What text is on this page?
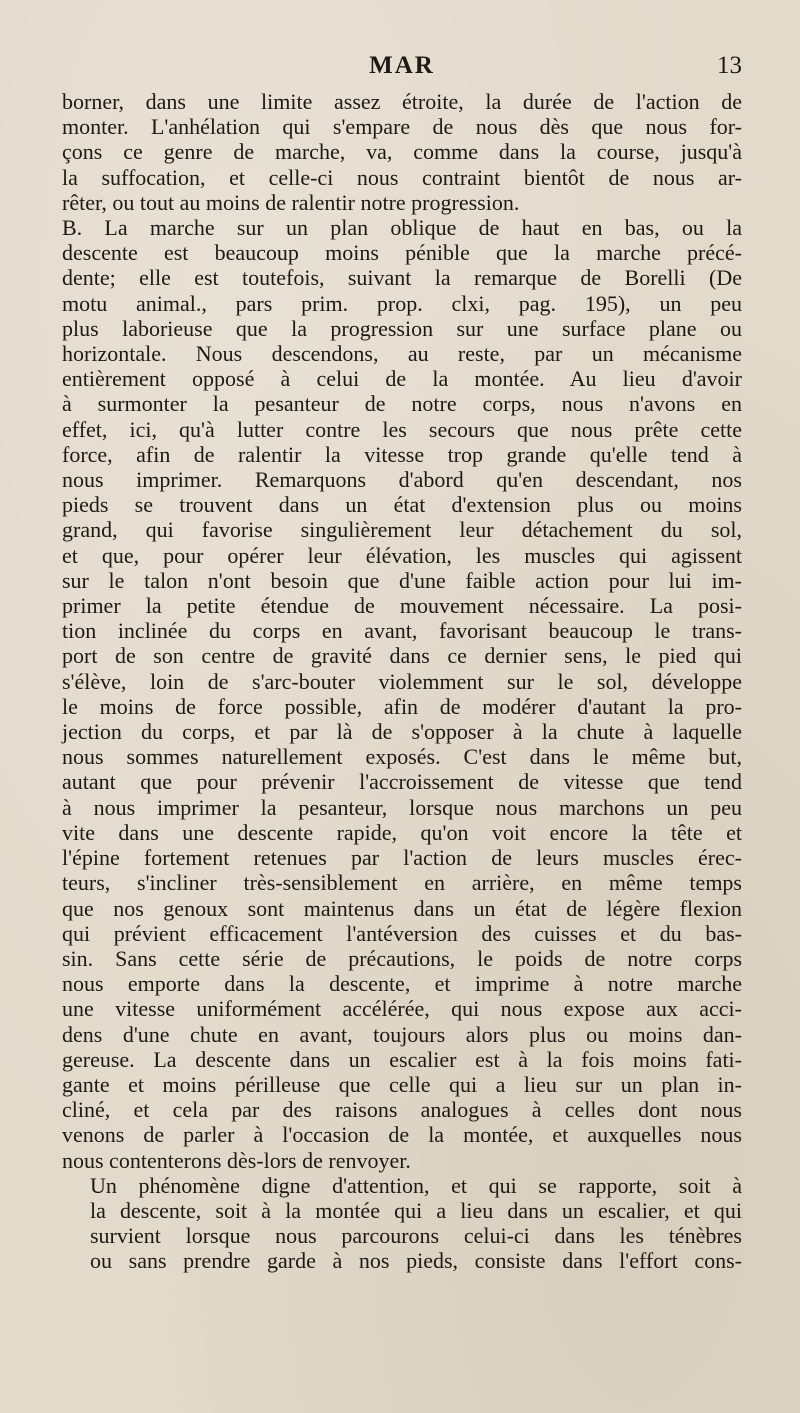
MAR	13

borner, dans une limite assez étroite, la durée de l'action de
monter. L'anhélation qui s'empare de nous dès que nous for-
çons ce genre de marche, va, comme dans la course, jusqu'à
la suffocation, et celle-ci nous contraint bientôt de nous ar-
rêter, ou tout au moins de ralentir notre progression.

B. La marche sur un plan oblique de haut en bas, ou la
descente est beaucoup moins pénible que la marche précé-
dente; elle est toutefois, suivant la remarque de Borelli (De
motu animal., pars prim. prop. clxi, pag. 195), un peu
plus laborieuse que la progression sur une surface plane ou
horizontale. Nous descendons, au reste, par un mécanisme
entièrement opposé à celui de la montée. Au lieu d'avoir
à surmonter la pesanteur de notre corps, nous n'avons en
effet, ici, qu'à lutter contre les secours que nous prête cette
force, afin de ralentir la vitesse trop grande qu'elle tend à
nous imprimer. Remarquons d'abord qu'en descendant, nos
pieds se trouvent dans un état d'extension plus ou moins
grand, qui favorise singulièrement leur détachement du sol,
et que, pour opérer leur élévation, les muscles qui agissent
sur le talon n'ont besoin que d'une faible action pour lui im-
primer la petite étendue de mouvement nécessaire. La posi-
tion inclinée du corps en avant, favorisant beaucoup le trans-
port de son centre de gravité dans ce dernier sens, le pied qui
s'élève, loin de s'arc-bouter violemment sur le sol, développe
le moins de force possible, afin de modérer d'autant la pro-
jection du corps, et par là de s'opposer à la chute à laquelle
nous sommes naturellement exposés. C'est dans le même but,
autant que pour prévenir l'accroissement de vitesse que tend
à nous imprimer la pesanteur, lorsque nous marchons un peu
vite dans une descente rapide, qu'on voit encore la tête et
l'épine fortement retenues par l'action de leurs muscles érec-
teurs, s'incliner très-sensiblement en arrière, en même temps
que nos genoux sont maintenus dans un état de légère flexion
qui prévient efficacement l'antéversion des cuisses et du bas-
sin. Sans cette série de précautions, le poids de notre corps
nous emporte dans la descente, et imprime à notre marche
une vitesse uniformément accélérée, qui nous expose aux acci-
dens d'une chute en avant, toujours alors plus ou moins dan-
gereuse. La descente dans un escalier est à la fois moins fati-
gante et moins périlleuse que celle qui a lieu sur un plan in-
cliné, et cela par des raisons analogues à celles dont nous
venons de parler à l'occasion de la montée, et auxquelles nous
nous contenterons dès-lors de renvoyer.

Un phénomène digne d'attention, et qui se rapporte, soit à
la descente, soit à la montée qui a lieu dans un escalier, et qui
survient lorsque nous parcourons celui-ci dans les ténèbres
ou sans prendre garde à nos pieds, consiste dans l'effort cons-
